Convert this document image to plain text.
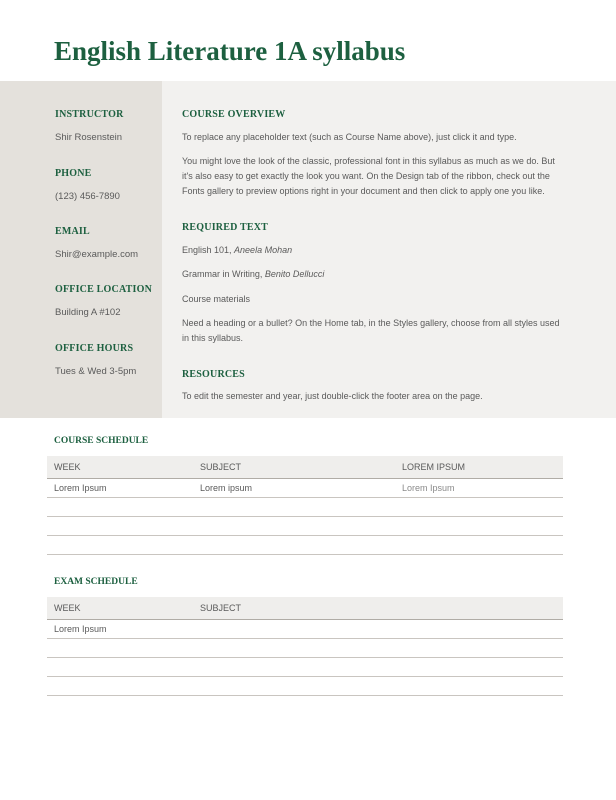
English Literature 1A syllabus
INSTRUCTOR
Shir Rosenstein
PHONE
(123) 456-7890
EMAIL
Shir@example.com
OFFICE LOCATION
Building A #102
OFFICE HOURS
Tues & Wed 3-5pm
COURSE OVERVIEW

To replace any placeholder text (such as Course Name above), just click it and type.

You might love the look of the classic, professional font in this syllabus as much as we do. But it's also easy to get exactly the look you want. On the Design tab of the ribbon, check out the Fonts gallery to preview options right in your document and then click to apply one you like.

REQUIRED TEXT

English 101, Aneela Mohan

Grammar in Writing, Benito Dellucci

Course materials

Need a heading or a bullet? On the Home tab, in the Styles gallery, choose from all styles used in this syllabus.

RESOURCES

To edit the semester and year, just double-click the footer area on the page.

COURSE SCHEDULE
WEEK	SUBJECT	LOREM IPSUM
Lorem Ipsum	Lorem ipsum	Lorem Ipsum

EXAM SCHEDULE
WEEK	SUBJECT	
Lorem Ipsum		
